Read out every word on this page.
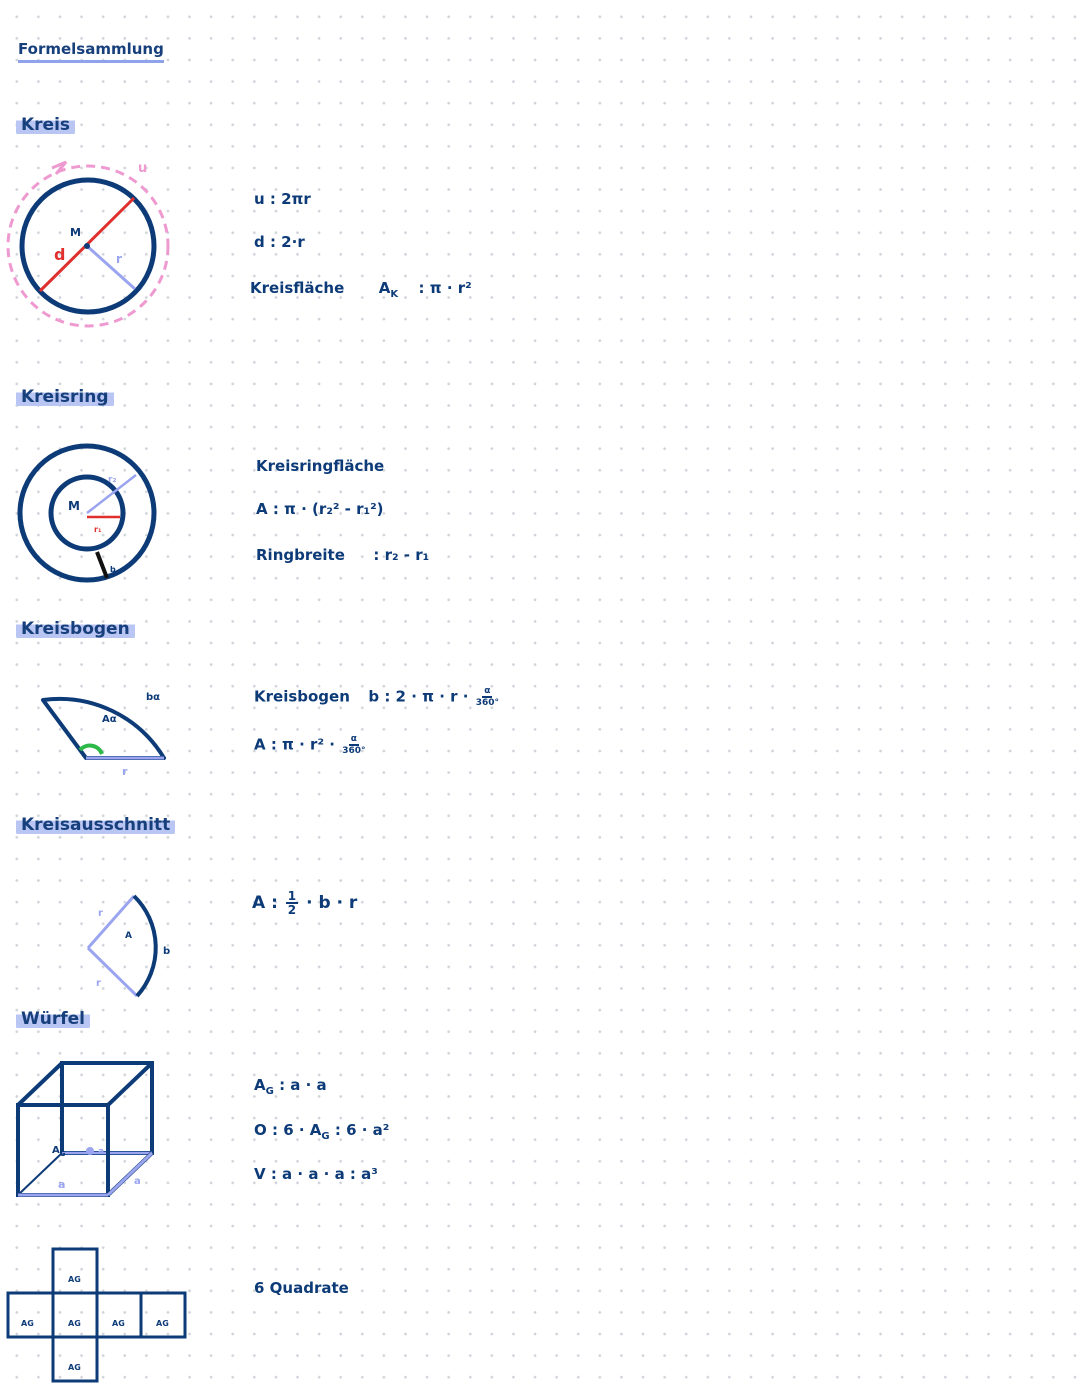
Formelsammlung
Kreis
u
M
d	r
u : 2πr
d : 2·r
Kreisfläche $A_K$ : π · r²
Kreisring
M
r₂
r₁
b
Kreisringfläche
A : π · (r₂² - r₁²)
Ringbreite : r₂ - r₁
Kreisbogen
bα
Aα
r
Kreisbogen b : $2 \cdot \pi \cdot r \cdot \frac{\alpha}{360^\circ}$
A : $\pi \cdot r^2 \cdot \frac{\alpha}{360^\circ}$
Kreisausschnitt
r
r
A
b
A : $\frac{1}{2} \cdot b \cdot r$
Würfel
$A_G$
a
a
a
$A_G$ : a · a
O : $6 \cdot A_G$ : 6 · a²
V : a · a · a : a³
AG
AG	AG	AG	AG
AG
6 Quadrate
